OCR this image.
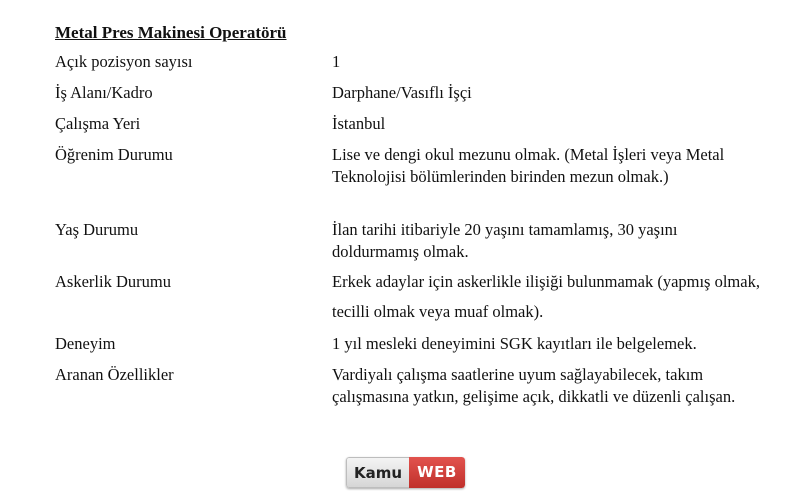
Metal Pres Makinesi Operatörü
Açık pozisyon sayısı	1
İş Alanı/Kadro	Darphane/Vasıflı İşçi
Çalışma Yeri	İstanbul
Öğrenim Durumu	Lise ve dengi okul mezunu olmak. (Metal İşleri veya Metal Teknolojisi bölümlerinden birinden mezun olmak.)
Yaş Durumu	İlan tarihi itibariyle 20 yaşını tamamlamış, 30 yaşını doldurmamış olmak.
Askerlik Durumu	Erkek adaylar için askerlikle ilişiği bulunmamak (yapmış olmak, tecilli olmak veya muaf olmak).
Deneyim	1 yıl mesleki deneyimini SGK kayıtları ile belgelemek.
Aranan Özellikler	Vardiyalı çalışma saatlerine uyum sağlayabilecek, takım çalışmasına yatkın, gelişime açık, dikkatli ve düzenli çalışan.
Kamu	WEB
